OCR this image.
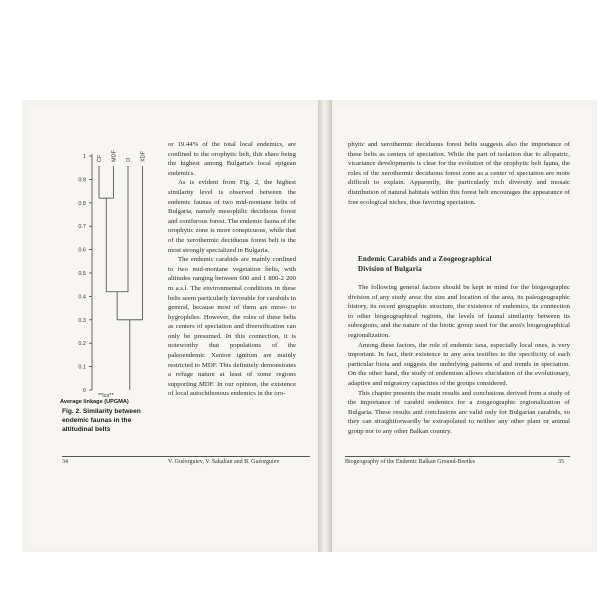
0
0.1
0.2
0.3
0.4
0.5
0.6
0.7
0.8
0.9
1 CF MDF O XDF
**Ics**
Average linkage (UPGMA)
Fig. 2. Similarity between endemic faunas in the altitudinal belts

or 19.44% of the total local endemics, are confined to the orophytic belt, this share being the highest among Bulgaria's local epigean endemics.

As is evident from Fig. 2, the highest similarity level is observed between the endemic faunas of two mid-montane belts of Bulgaria, namely mesophilic deciduous forest and coniferous forest. The endemic fauna of the orophytic zone is more conspicuous, while that of the xerothermic deciduous forest belt is the most strongly specialized in Bulgaria.

The endemic carabids are mainly confined to two mid-montane vegetation belts, with altitudes ranging between 600 and 1 800-2 200 m a.s.l. The environmental conditions in these belts seem particularly favorable for carabids in general, because most of them are meso- to hygrophiles. However, the roles of these belts as centers of speciation and diversification can only be presumed. In this connection, it is noteworthy that populations of the paleoendemic Xenion ignitum are mainly restricted to MDF. This definitely demonstrates a refuge nature at least of some regions supporting MDF. In our opinion, the existence of local autochthonous endemics in the oro-

34	V. Guéorguiev, V. Sakalian and B. Guéorguiev

phytic and xerothermic deciduous forest belts suggests also the importance of these belts as centers of speciation. While the part of isolation due to allopatric, vicariance developments is clear for the evolution of the orophytic belt fauna, the roles of the xerothermic deciduous forest zone as a center of speciation are more difficult to explain. Apparently, the particularly rich diversity and mosaic distribution of natural habitats within this forest belt encourages the appearance of free ecological niches, thus favoring speciation.

Endemic Carabids and a Zoogeographical
Division of Bulgaria

The following general factors should be kept in mind for the biogeographic division of any study area: the size and location of the area, its paleogeographic history, its recent geographic structure, the existence of endemics, its connection to other biogeographical regions, the levels of faunal similarity between its subregions, and the nature of the biotic group used for the area's biogeographical regionalization.

Among these factors, the role of endemic taxa, especially local ones, is very important. In fact, their existence in any area testifies to the specificity of each particular biota and suggests the underlying patterns of and trends in speciation. On the other hand, the study of endemism allows elucidation of the evolutionary, adaptive and migratory capacities of the groups considered.

This chapter presents the main results and conclusions derived from a study of the importance of carabid endemics for a zoogeographic regionalization of Bulgaria. These results and conclusions are valid only for Bulgarian carabids, so they can straightforwardly be extrapolated to neither any other plant or animal group nor to any other Balkan country.

Biogeography of the Endemic Balkan Ground-Beetles	35
